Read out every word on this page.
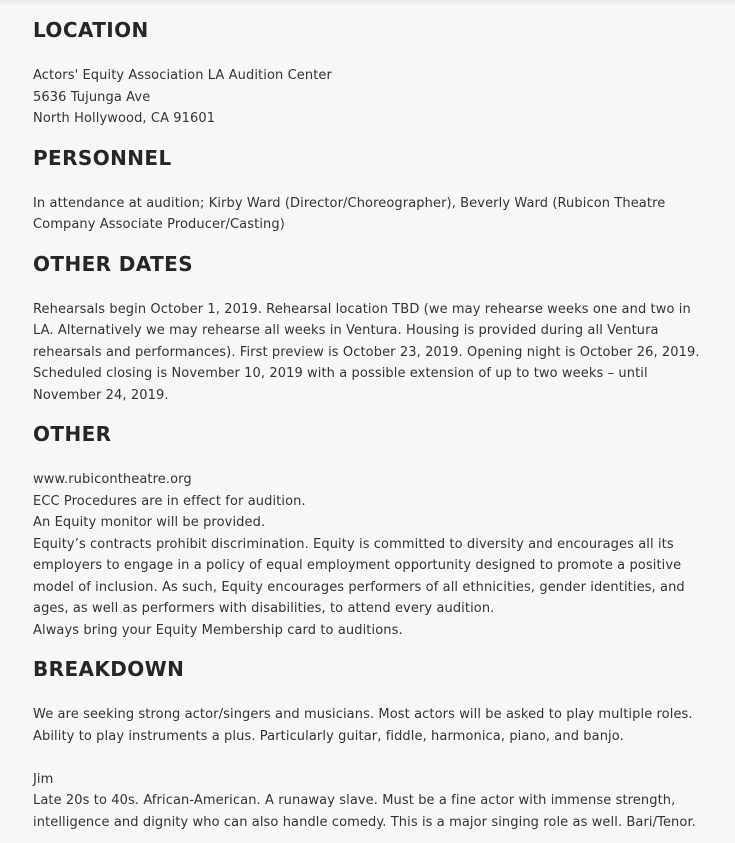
LOCATION
Actors' Equity Association LA Audition Center
5636 Tujunga Ave
North Hollywood, CA 91601
PERSONNEL
In attendance at audition; Kirby Ward (Director/Choreographer), Beverly Ward (Rubicon Theatre Company Associate Producer/Casting)
OTHER DATES
Rehearsals begin October 1, 2019. Rehearsal location TBD (we may rehearse weeks one and two in LA. Alternatively we may rehearse all weeks in Ventura. Housing is provided during all Ventura rehearsals and performances). First preview is October 23, 2019. Opening night is October 26, 2019. Scheduled closing is November 10, 2019 with a possible extension of up to two weeks – until November 24, 2019.
OTHER
www.rubicontheatre.org
ECC Procedures are in effect for audition.
An Equity monitor will be provided.
Equity’s contracts prohibit discrimination. Equity is committed to diversity and encourages all its employers to engage in a policy of equal employment opportunity designed to promote a positive model of inclusion. As such, Equity encourages performers of all ethnicities, gender identities, and ages, as well as performers with disabilities, to attend every audition.
Always bring your Equity Membership card to auditions.
BREAKDOWN
We are seeking strong actor/singers and musicians. Most actors will be asked to play multiple roles. Ability to play instruments a plus. Particularly guitar, fiddle, harmonica, piano, and banjo.

Jim
Late 20s to 40s. African-American. A runaway slave. Must be a fine actor with immense strength, intelligence and dignity who can also handle comedy. This is a major singing role as well. Bari/Tenor.
